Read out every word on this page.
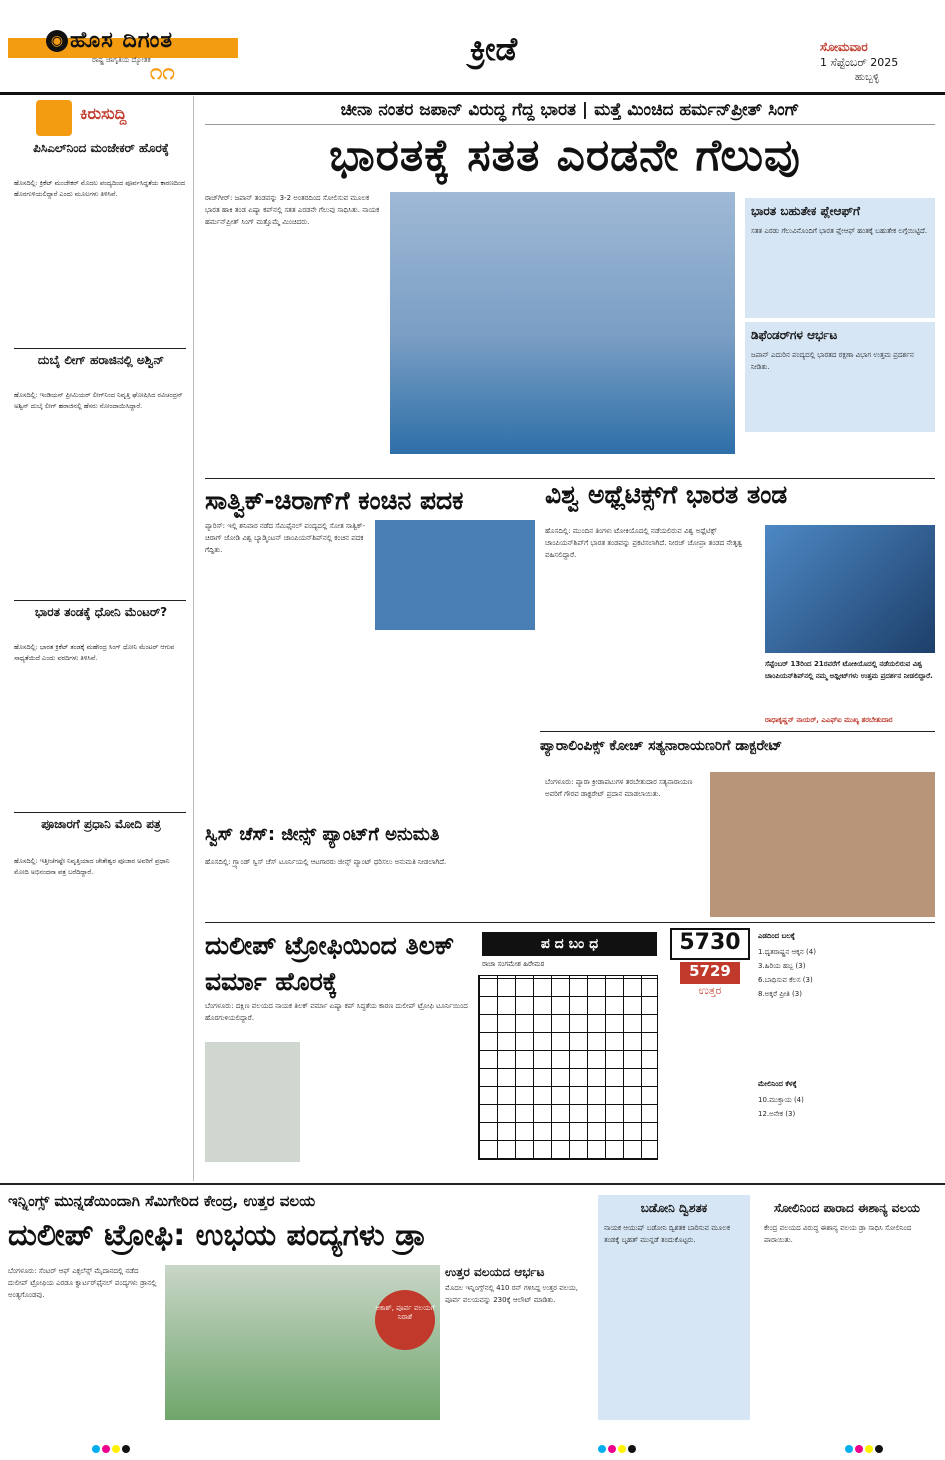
◉ ಹೊಸ ದಿಗಂತ
ರಾಷ್ಟ್ರ ಜಾಗೃತಿಯ ದ್ಯೋತಕ ೧೧
ಕ್ರೀಡೆ	ಸೋಮವಾರ
1 ಸೆಪ್ಟೆಂಬರ್ 2025
ಹುಬ್ಬಳ್ಳಿ
ಕಿರುಸುದ್ದಿ
ಪಿಸಿಎಲ್‌ನಿಂದ ಮಂಜೇಕರ್ ಹೊರಕ್ಕೆ
ಹೊಸದಿಲ್ಲಿ: ಕ್ರಿಕೆಟ್ ಮಂಜೇಕರ್ ಮೊದಲ ಪಂದ್ಯದಿಂದ ಪೂರ್ವಸಿದ್ಧತೆಯ ಕಾರಣದಿಂದ ಹೊರಗುಳಿಯಲಿದ್ದಾರೆ ಎಂದು ಮೂಲಗಳು ತಿಳಿಸಿವೆ.
ದುಬೈ ಲೀಗ್ ಹರಾಜಿನಲ್ಲಿ ಅಶ್ವಿನ್
ಹೊಸದಿಲ್ಲಿ: ಇಂಡಿಯನ್ ಪ್ರೀಮಿಯರ್ ಲೀಗ್‌ನಿಂದ ನಿವೃತ್ತಿ ಘೋಷಿಸಿದ ರವಿಚಂದ್ರನ್ ಅಶ್ವಿನ್ ದುಬೈ ಲೀಗ್ ಹರಾಜಿನಲ್ಲಿ ಹೆಸರು ನೋಂದಾಯಿಸಿದ್ದಾರೆ.
ಭಾರತ ತಂಡಕ್ಕೆ ಧೋನಿ ಮೆಂಟರ್?
ಹೊಸದಿಲ್ಲಿ: ಭಾರತ ಕ್ರಿಕೆಟ್ ತಂಡಕ್ಕೆ ಮಹೇಂದ್ರ ಸಿಂಗ್ ಧೋನಿ ಮೆಂಟರ್ ಆಗುವ ಸಾಧ್ಯತೆಯಿದೆ ಎಂದು ವರದಿಗಳು ತಿಳಿಸಿವೆ.
ಪೂಜಾರಗೆ ಪ್ರಧಾನಿ ಮೋದಿ ಪತ್ರ
ಹೊಸದಿಲ್ಲಿ: ಇತ್ತೀಚೆಗಷ್ಟೇ ನಿವೃತ್ತಿಯಾದ ಚೇತೇಶ್ವರ ಪೂಜಾರ ಅವರಿಗೆ ಪ್ರಧಾನಿ ಮೋದಿ ಅಭಿನಂದನಾ ಪತ್ರ ಬರೆದಿದ್ದಾರೆ.
ಚೀನಾ ನಂತರ ಜಪಾನ್ ವಿರುದ್ಧ ಗೆದ್ದ ಭಾರತ | ಮತ್ತೆ ಮಿಂಚಿದ ಹರ್ಮನ್‌ಪ್ರೀತ್ ಸಿಂಗ್
ಭಾರತಕ್ಕೆ ಸತತ ಎರಡನೇ ಗೆಲುವು
ರಾಜ್‌ಗೀರ್: ಜಪಾನ್ ತಂಡವನ್ನು 3-2 ಅಂತರದಿಂದ ಸೋಲಿಸುವ ಮೂಲಕ ಭಾರತ ಹಾಕಿ ತಂಡ ಏಷ್ಯಾ ಕಪ್‌ನಲ್ಲಿ ಸತತ ಎರಡನೇ ಗೆಲುವು ಸಾಧಿಸಿತು. ನಾಯಕ ಹರ್ಮನ್‌ಪ್ರೀತ್ ಸಿಂಗ್ ಮತ್ತೊಮ್ಮೆ ಮಿಂಚಿದರು.
ಭಾರತ ಬಹುತೇಕ ಪ್ಲೇಆಫ್‌ಗೆ
ಸತತ ಎರಡು ಗೆಲುವಿನೊಂದಿಗೆ ಭಾರತ ಪ್ಲೇಆಫ್ ಹಂತಕ್ಕೆ ಬಹುತೇಕ ಲಗ್ಗೆಯಿಟ್ಟಿದೆ.
ಡಿಫೆಂಡರ್‌ಗಳ ಆರ್ಭಟ
ಜಪಾನ್ ಎದುರಿನ ಪಂದ್ಯದಲ್ಲಿ ಭಾರತದ ರಕ್ಷಣಾ ವಿಭಾಗ ಉತ್ತಮ ಪ್ರದರ್ಶನ ನೀಡಿತು.
ಸಾತ್ವಿಕ್-ಚಿರಾಗ್‌ಗೆ ಕಂಚಿನ ಪದಕ
ಪ್ಯಾರಿಸ್: ಇಲ್ಲಿ ಶನಿವಾರ ನಡೆದ ಸೆಮಿಫೈನಲ್ ಪಂದ್ಯದಲ್ಲಿ ಸೋತ ಸಾತ್ವಿಕ್-ಚಿರಾಗ್ ಜೋಡಿ ವಿಶ್ವ ಬ್ಯಾಡ್ಮಿಂಟನ್ ಚಾಂಪಿಯನ್‌ಶಿಪ್‌ನಲ್ಲಿ ಕಂಚಿನ ಪದಕ ಗೆದ್ದಿತು.
ವಿಶ್ವ ಅಥ್ಲೆಟಿಕ್ಸ್‌ಗೆ ಭಾರತ ತಂಡ
ಹೊಸದಿಲ್ಲಿ: ಮುಂದಿನ ತಿಂಗಳು ಟೋಕಿಯೊದಲ್ಲಿ ನಡೆಯಲಿರುವ ವಿಶ್ವ ಅಥ್ಲೆಟಿಕ್ಸ್ ಚಾಂಪಿಯನ್‌ಶಿಪ್‌ಗೆ ಭಾರತ ತಂಡವನ್ನು ಪ್ರಕಟಿಸಲಾಗಿದೆ. ನೀರಜ್ ಚೋಪ್ರಾ ತಂಡದ ನೇತೃತ್ವ ವಹಿಸಲಿದ್ದಾರೆ.
ಸೆಪ್ಟೆಂಬರ್ 13ರಿಂದ 21ರವರೆಗೆ ಟೋಕಿಯೊದಲ್ಲಿ ನಡೆಯಲಿರುವ ವಿಶ್ವ ಚಾಂಪಿಯನ್‌ಶಿಪ್‌ನಲ್ಲಿ ನಮ್ಮ ಅಥ್ಲೀಟ್‌ಗಳು ಉತ್ತಮ ಪ್ರದರ್ಶನ ನೀಡಲಿದ್ದಾರೆ.
ರಾಧಾಕೃಷ್ಣನ್ ನಾಯರ್, ಎಎಫ್‌ಐ ಮುಖ್ಯ ತರಬೇತುದಾರ
ಪ್ಯಾರಾಲಿಂಪಿಕ್ಸ್ ಕೋಚ್ ಸತ್ಯನಾರಾಯಣರಿಗೆ ಡಾಕ್ಟರೇಟ್
ಬೆಂಗಳೂರು: ಪ್ಯಾರಾ ಕ್ರೀಡಾಪಟುಗಳ ತರಬೇತುದಾರ ಸತ್ಯನಾರಾಯಣ ಅವರಿಗೆ ಗೌರವ ಡಾಕ್ಟರೇಟ್ ಪ್ರದಾನ ಮಾಡಲಾಯಿತು.
ಸ್ವಿಸ್ ಚೆಸ್: ಜೀನ್ಸ್ ಪ್ಯಾಂಟ್‌ಗೆ ಅನುಮತಿ
ಹೊಸದಿಲ್ಲಿ: ಗ್ರ್ಯಾಂಡ್ ಸ್ವಿಸ್ ಚೆಸ್ ಟೂರ್ನಿಯಲ್ಲಿ ಆಟಗಾರರು ಜೀನ್ಸ್ ಪ್ಯಾಂಟ್ ಧರಿಸಲು ಅನುಮತಿ ನೀಡಲಾಗಿದೆ.
ದುಲೀಪ್ ಟ್ರೋಫಿಯಿಂದ ತಿಲಕ್ ವರ್ಮಾ ಹೊರಕ್ಕೆ
ಬೆಂಗಳೂರು: ದಕ್ಷಿಣ ವಲಯದ ನಾಯಕ ತಿಲಕ್ ವರ್ಮಾ ಏಷ್ಯಾ ಕಪ್ ಸಿದ್ಧತೆಯ ಕಾರಣ ದುಲೀಪ್ ಟ್ರೋಫಿ ಟೂರ್ನಿಯಿಂದ ಹೊರಗುಳಿಯಲಿದ್ದಾರೆ.
ಪ ದ ಬಂ ಧ
ರಾಜಾ ಸಂಗಮೇಶ ಹಿರೇಮಠ
5730
5729
ಉತ್ತರ
ಎಡದಿಂದ ಬಲಕ್ಕೆ
1.ಧೃತರಾಷ್ಟ್ರನ ಆಕ್ಕನ (4)
3.ಹಿರಿಯ ಹಬ್ಬ (3)
6.ಬಾಧಿಸುವ ಕೆಲಸ (3)
8.ಅಕ್ಕರೆ ಪ್ರೀತಿ (3)
ಮೇಲಿನಿಂದ ಕೆಳಕ್ಕೆ
10.ಮುಕ್ತಾಯ (4)
12.ಅನೇಕ (3)
ಇನ್ನಿಂಗ್ಸ್ ಮುನ್ನಡೆಯಿಂದಾಗಿ ಸೆಮಿಗೇರಿದ ಕೇಂದ್ರ, ಉತ್ತರ ವಲಯ
ದುಲೀಪ್ ಟ್ರೋಫಿ: ಉಭಯ ಪಂದ್ಯಗಳು ಡ್ರಾ
ಬೆಂಗಳೂರು: ಸೆಂಟರ್ ಆಫ್ ಎಕ್ಸಲೆನ್ಸ್ ಮೈದಾನದಲ್ಲಿ ನಡೆದ ದುಲೀಪ್ ಟ್ರೋಫಿಯ ಎರಡೂ ಕ್ವಾರ್ಟರ್‌ಫೈನಲ್ ಪಂದ್ಯಗಳು ಡ್ರಾನಲ್ಲಿ ಅಂತ್ಯಗೊಂಡವು.
ಆಕಾಶ್, ಪೂರ್ವ ವಲಯಗೆ ನಿರಾಶೆ
ಉತ್ತರ ವಲಯದ ಆರ್ಭಟ
ಮೊದಲ ಇನ್ನಿಂಗ್ಸ್‌ನಲ್ಲಿ 410 ರನ್ ಗಳಿಸಿದ್ದ ಉತ್ತರ ವಲಯ, ಪೂರ್ವ ವಲಯವನ್ನು 230ಕ್ಕೆ ಆಲೌಟ್ ಮಾಡಿತು.
ಬಡೋನಿ ದ್ವಿಶತಕ
ನಾಯಕ ಆಯುಷ್ ಬಡೋನಿ ದ್ವಿಶತಕ ಬಾರಿಸುವ ಮೂಲಕ ತಂಡಕ್ಕೆ ಬೃಹತ್ ಮುನ್ನಡೆ ತಂದುಕೊಟ್ಟರು.
ಸೋಲಿನಿಂದ ಪಾರಾದ ಈಶಾನ್ಯ ವಲಯ
ಕೇಂದ್ರ ವಲಯದ ವಿರುದ್ಧ ಈಶಾನ್ಯ ವಲಯ ಡ್ರಾ ಸಾಧಿಸಿ ಸೋಲಿನಿಂದ ಪಾರಾಯಿತು.
